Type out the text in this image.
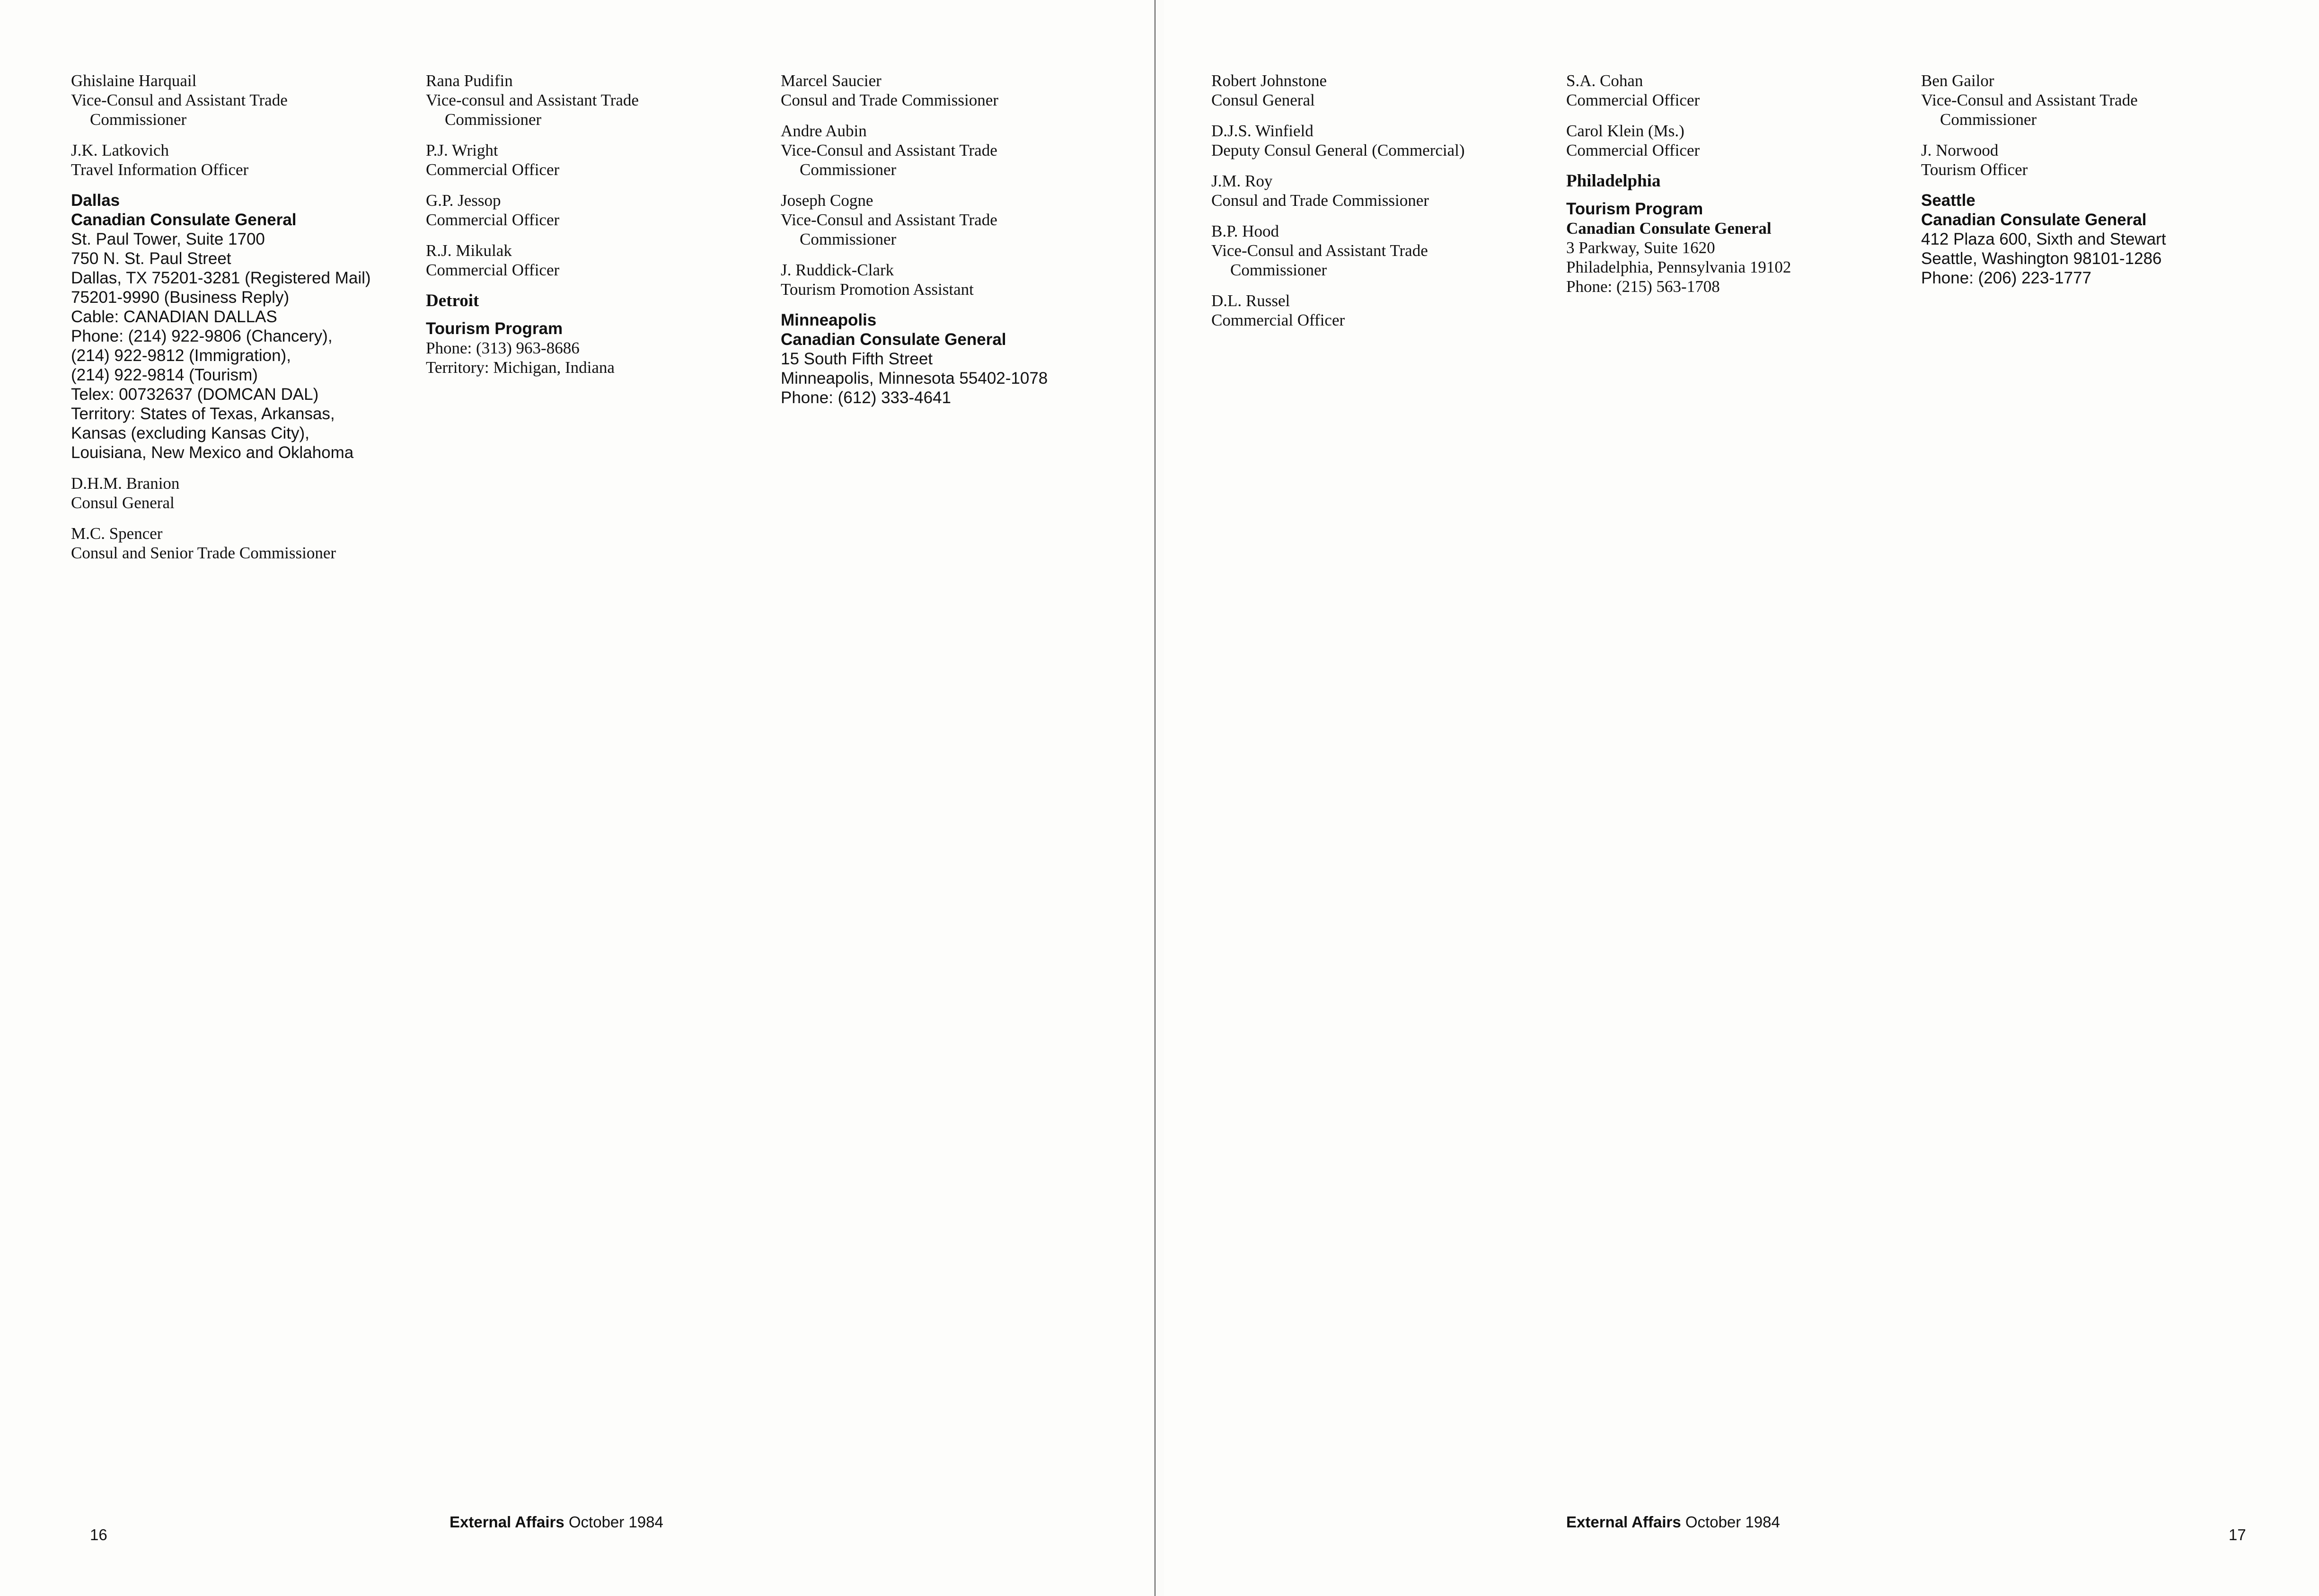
Ghislaine Harquail
Vice-Consul and Assistant Trade
Commissioner
J.K. Latkovich
Travel Information Officer
Dallas
Canadian Consulate General
St. Paul Tower, Suite 1700
750 N. St. Paul Street
Dallas, TX 75201-3281 (Registered Mail)
75201-9990 (Business Reply)
Cable: CANADIAN DALLAS
Phone: (214) 922-9806 (Chancery),
(214) 922-9812 (Immigration),
(214) 922-9814 (Tourism)
Telex: 00732637 (DOMCAN DAL)
Territory: States of Texas, Arkansas,
Kansas (excluding Kansas City),
Louisiana, New Mexico and Oklahoma
D.H.M. Branion
Consul General
M.C. Spencer
Consul and Senior Trade Commissioner
Rana Pudifin
Vice-consul and Assistant Trade
Commissioner
P.J. Wright
Commercial Officer
G.P. Jessop
Commercial Officer
R.J. Mikulak
Commercial Officer
Detroit
Tourism Program
Phone: (313) 963-8686
Territory: Michigan, Indiana
Marcel Saucier
Consul and Trade Commissioner
Andre Aubin
Vice-Consul and Assistant Trade
Commissioner
Joseph Cogne
Vice-Consul and Assistant Trade
Commissioner
J. Ruddick-Clark
Tourism Promotion Assistant
Minneapolis
Canadian Consulate General
15 South Fifth Street
Minneapolis, Minnesota 55402-1078
Phone: (612) 333-4641
16
External Affairs October 1984
Robert Johnstone
Consul General
D.J.S. Winfield
Deputy Consul General (Commercial)
J.M. Roy
Consul and Trade Commissioner
B.P. Hood
Vice-Consul and Assistant Trade
Commissioner
D.L. Russel
Commercial Officer
S.A. Cohan
Commercial Officer
Carol Klein (Ms.)
Commercial Officer
Philadelphia
Tourism Program
Canadian Consulate General
3 Parkway, Suite 1620
Philadelphia, Pennsylvania 19102
Phone: (215) 563-1708
Ben Gailor
Vice-Consul and Assistant Trade
Commissioner
J. Norwood
Tourism Officer
Seattle
Canadian Consulate General
412 Plaza 600, Sixth and Stewart
Seattle, Washington 98101-1286
Phone: (206) 223-1777
17
External Affairs October 1984
